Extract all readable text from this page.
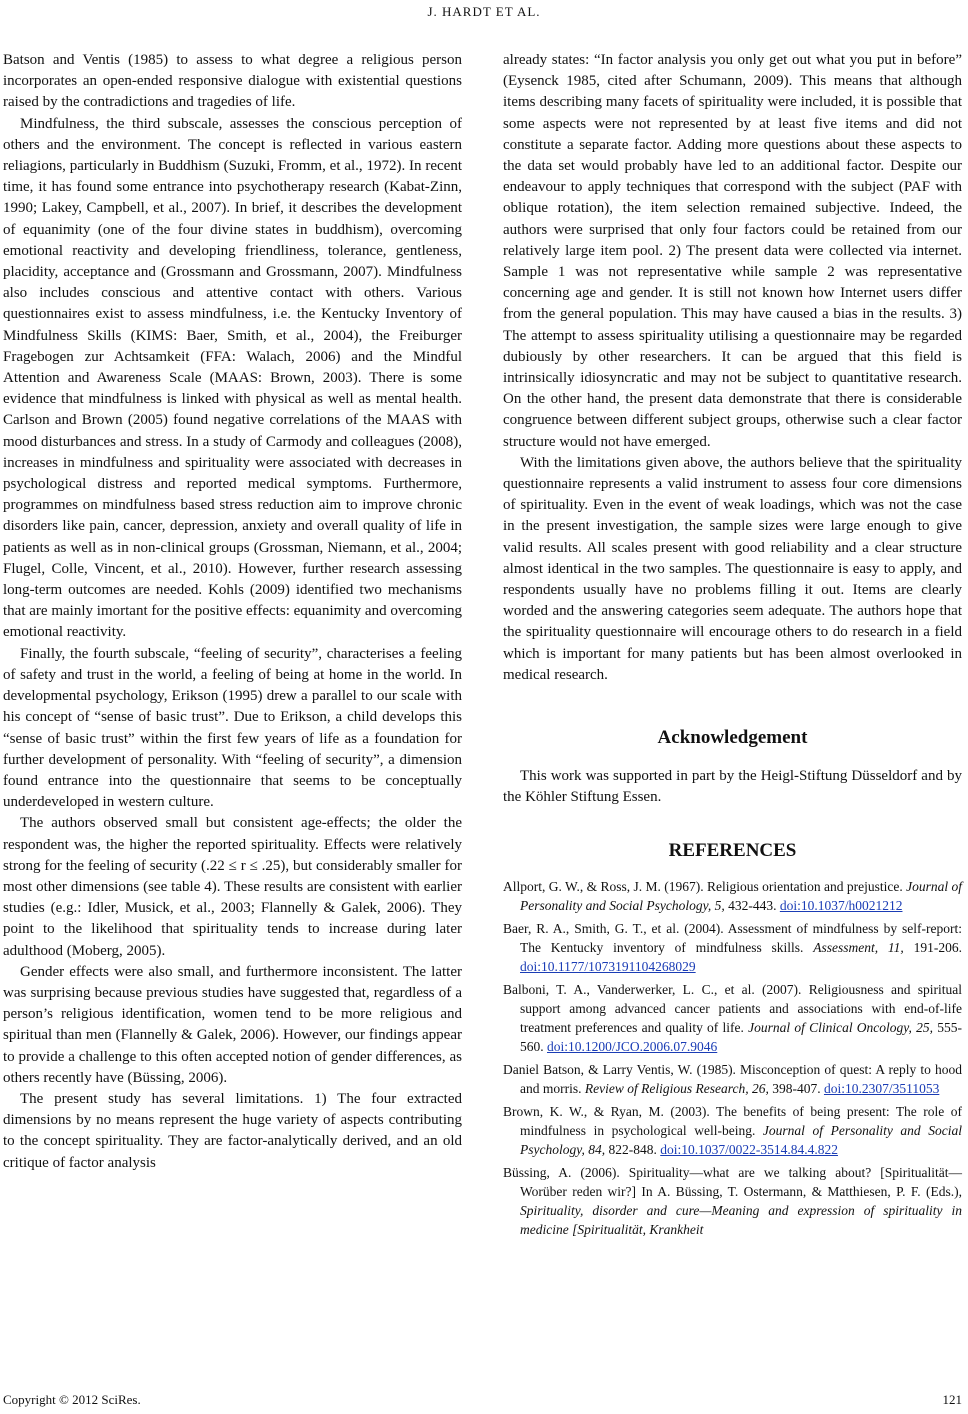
J. HARDT ET AL.

Batson and Ventis (1985) to assess to what degree a religious person incorporates an open-ended responsive dialogue with existential questions raised by the contradictions and tragedies of life.

Mindfulness, the third subscale, assesses the conscious perception of others and the environment. The concept is reflected in various eastern reliagions, particularly in Buddhism (Suzuki, Fromm, et al., 1972). In recent time, it has found some entrance into psychotherapy research (Kabat-Zinn, 1990; Lakey, Campbell, et al., 2007). In brief, it describes the development of equanimity (one of the four divine states in buddhism), overcoming emotional reactivity and developing friendliness, tolerance, gentleness, placidity, acceptance and (Grossmann and Grossmann, 2007). Mindfulness also includes conscious and attentive contact with others. Various questionnaires exist to assess mindfulness, i.e. the Kentucky Inventory of Mindfulness Skills (KIMS: Baer, Smith, et al., 2004), the Freiburger Fragebogen zur Achtsamkeit (FFA: Walach, 2006) and the Mindful Attention and Awareness Scale (MAAS: Brown, 2003). There is some evidence that mindfulness is linked with physical as well as mental health. Carlson and Brown (2005) found negative correlations of the MAAS with mood disturbances and stress. In a study of Carmody and colleagues (2008), increases in mindfulness and spirituality were associated with decreases in psychological distress and reported medical symptoms. Furthermore, programmes on mindfulness based stress reduction aim to improve chronic disorders like pain, cancer, depression, anxiety and overall quality of life in patients as well as in non-clinical groups (Grossman, Niemann, et al., 2004; Flugel, Colle, Vincent, et al., 2010). However, further research assessing long-term outcomes are needed. Kohls (2009) identified two mechanisms that are mainly imortant for the positive effects: equanimity and overcoming emotional reactivity.

Finally, the fourth subscale, “feeling of security”, characterises a feeling of safety and trust in the world, a feeling of being at home in the world. In developmental psychology, Erikson (1995) drew a parallel to our scale with his concept of “sense of basic trust”. Due to Erikson, a child develops this “sense of basic trust” within the first few years of life as a foundation for further development of personality. With “feeling of security”, a dimension found entrance into the questionnaire that seems to be conceptually underdeveloped in western culture.

The authors observed small but consistent age-effects; the older the respondent was, the higher the reported spirituality. Effects were relatively strong for the feeling of security (.22 ≤ r ≤ .25), but considerably smaller for most other dimensions (see table 4). These results are consistent with earlier studies (e.g.: Idler, Musick, et al., 2003; Flannelly & Galek, 2006). They point to the likelihood that spirituality tends to increase during later adulthood (Moberg, 2005).

Gender effects were also small, and furthermore inconsistent. The latter was surprising because previous studies have suggested that, regardless of a person’s religious identification, women tend to be more religious and spiritual than men (Flannelly & Galek, 2006). However, our findings appear to provide a challenge to this often accepted notion of gender differences, as others recently have (Büssing, 2006).

The present study has several limitations. 1) The four extracted dimensions by no means represent the huge variety of aspects contributing to the concept spirituality. They are factor-analytically derived, and an old critique of factor analysis

already states: “In factor analysis you only get out what you put in before” (Eysenck 1985, cited after Schumann, 2009). This means that although items describing many facets of spirituality were included, it is possible that some aspects were not represented by at least five items and did not constitute a separate factor. Adding more questions about these aspects to the data set would probably have led to an additional factor. Despite our endeavour to apply techniques that correspond with the subject (PAF with oblique rotation), the item selection remained subjective. Indeed, the authors were surprised that only four factors could be retained from our relatively large item pool. 2) The present data were collected via internet. Sample 1 was not representative while sample 2 was representative concerning age and gender. It is still not known how Internet users differ from the general population. This may have caused a bias in the results. 3) The attempt to assess spirituality utilising a questionnaire may be regarded dubiously by other researchers. It can be argued that this field is intrinsically idiosyncratic and may not be subject to quantitative research. On the other hand, the present data demonstrate that there is considerable congruence between different subject groups, otherwise such a clear factor structure would not have emerged.

With the limitations given above, the authors believe that the spirituality questionnaire represents a valid instrument to assess four core dimensions of spirituality. Even in the event of weak loadings, which was not the case in the present investigation, the sample sizes were large enough to give valid results. All scales present with good reliability and a clear structure almost identical in the two samples. The questionnaire is easy to apply, and respondents usually have no problems filling it out. Items are clearly worded and the answering categories seem adequate. The authors hope that the spirituality questionnaire will encourage others to do research in a field which is important for many patients but has been almost overlooked in medical research.

Acknowledgement

This work was supported in part by the Heigl-Stiftung Düsseldorf and by the Köhler Stiftung Essen.

REFERENCES
Allport, G. W., & Ross, J. M. (1967). Religious orientation and prejustice. Journal of Personality and Social Psychology, 5, 432-443. doi:10.1037/h0021212
Baer, R. A., Smith, G. T., et al. (2004). Assessment of mindfulness by self-report: The Kentucky inventory of mindfulness skills. Assessment, 11, 191-206. doi:10.1177/1073191104268029
Balboni, T. A., Vanderwerker, L. C., et al. (2007). Religiousness and spiritual support among advanced cancer patients and associations with end-of-life treatment preferences and quality of life. Journal of Clinical Oncology, 25, 555-560. doi:10.1200/JCO.2006.07.9046
Daniel Batson, & Larry Ventis, W. (1985). Misconception of quest: A reply to hood and morris. Review of Religious Research, 26, 398-407. doi:10.2307/3511053
Brown, K. W., & Ryan, M. (2003). The benefits of being present: The role of mindfulness in psychological well-being. Journal of Personality and Social Psychology, 84, 822-848. doi:10.1037/0022-3514.84.4.822
Büssing, A. (2006). Spirituality—what are we talking about? [Spiritualität—Worüber reden wir?] In A. Büssing, T. Ostermann, & Matthiesen, P. F. (Eds.), Spirituality, disorder and cure—Meaning and expression of spirituality in medicine [Spiritualität, Krankheit
Copyright © 2012 SciRes.	121
